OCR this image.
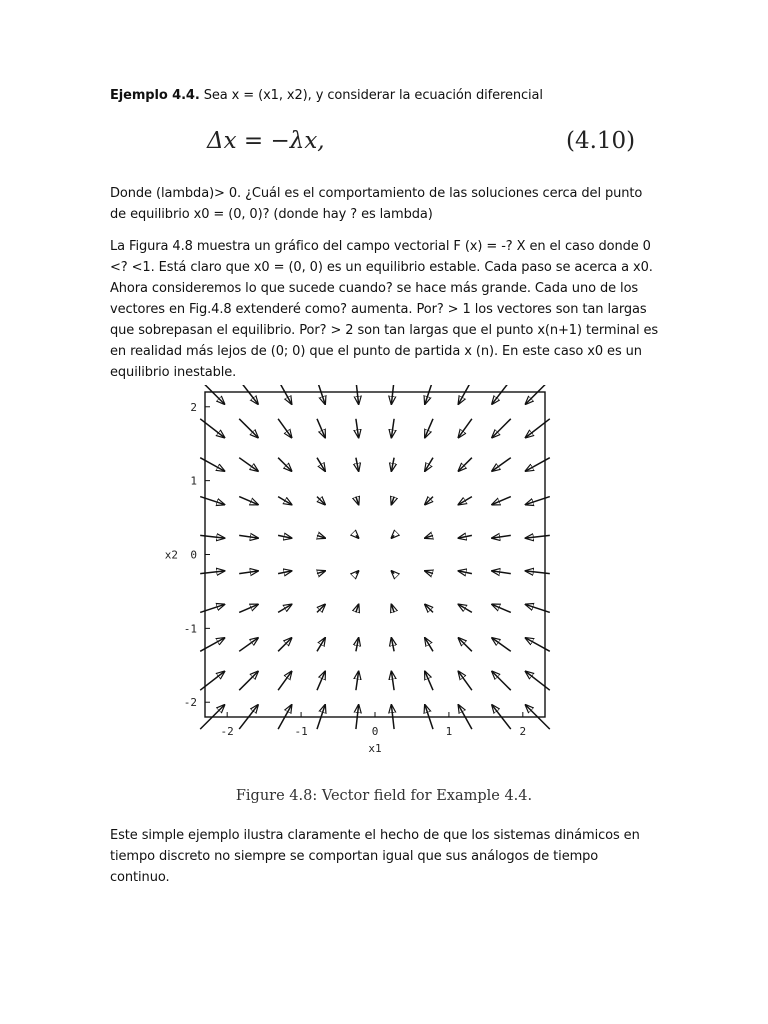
Ejemplo 4.4. Sea x = (x1, x2), y considerar la ecuación diferencial
Δx = −λx,	(4.10)
Donde (lambda)> 0. ¿Cuál es el comportamiento de las soluciones cerca del punto de equilibrio x0 = (0, 0)? (donde hay ? es lambda)
La Figura 4.8 muestra un gráfico del campo vectorial F (x) = -? X en el caso donde 0 <? <1. Está claro que x0 = (0, 0) es un equilibrio estable. Cada paso se acerca a x0. Ahora consideremos lo que sucede cuando? se hace más grande. Cada uno de los vectores en Fig.4.8 extenderé como? aumenta. Por? > 1 los vectores son tan largas que sobrepasan el equilibrio. Por? > 2 son tan largas que el punto x(n+1) terminal es en realidad más lejos de (0; 0) que el punto de partida x (n). En este caso x0 es un equilibrio inestable.
-2	-1	0	1	2
2
1
0
-1
-2
x1
x2
Figure 4.8: Vector field for Example 4.4.
Este simple ejemplo ilustra claramente el hecho de que los sistemas dinámicos en tiempo discreto no siempre se comportan igual que sus análogos de tiempo continuo.
